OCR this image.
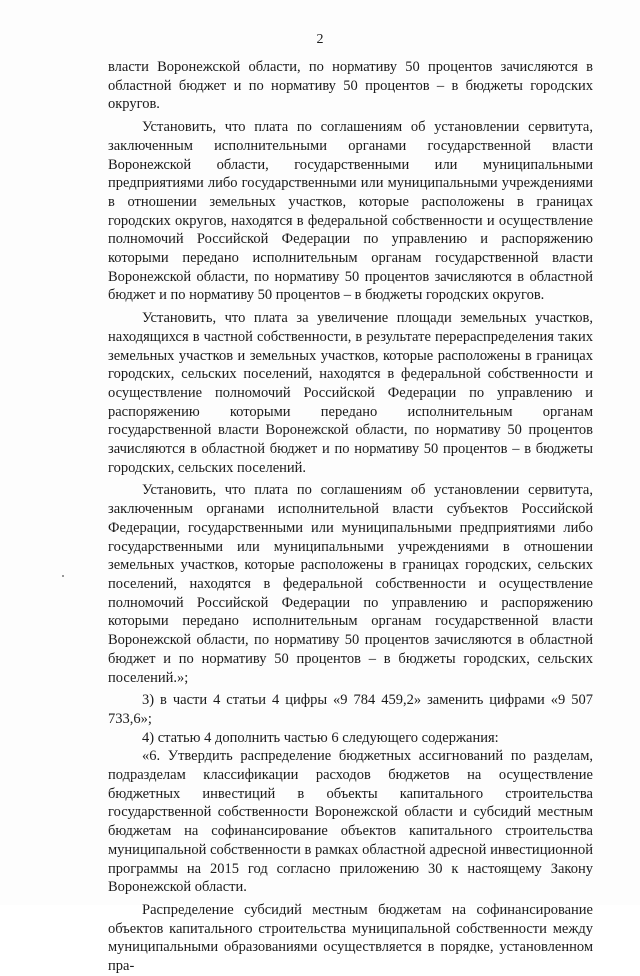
2

власти Воронежской области, по нормативу 50 процентов зачисляются в областной бюджет и по нормативу 50 процентов – в бюджеты городских округов.

Установить, что плата по соглашениям об установлении сервитута, заключенным исполнительными органами государственной власти Воронежской области, государственными или муниципальными предприятиями либо государственными или муниципальными учреждениями в отношении земельных участков, которые расположены в границах городских округов, находятся в федеральной собственности и осуществление полномочий Российской Федерации по управлению и распоряжению которыми передано исполнительным органам государственной власти Воронежской области, по нормативу 50 процентов зачисляются в областной бюджет и по нормативу 50 процентов – в бюджеты городских округов.

Установить, что плата за увеличение площади земельных участков, находящихся в частной собственности, в результате перераспределения таких земельных участков и земельных участков, которые расположены в границах городских, сельских поселений, находятся в федеральной собственности и осуществление полномочий Российской Федерации по управлению и распоряжению которыми передано исполнительным органам государственной власти Воронежской области, по нормативу 50 процентов зачисляются в областной бюджет и по нормативу 50 процентов – в бюджеты городских, сельских поселений.

Установить, что плата по соглашениям об установлении сервитута, заключенным органами исполнительной власти субъектов Российской Федерации, государственными или муниципальными предприятиями либо государственными или муниципальными учреждениями в отношении земельных участков, которые расположены в границах городских, сельских поселений, находятся в федеральной собственности и осуществление полномочий Российской Федерации по управлению и распоряжению которыми передано исполнительным органам государственной власти Воронежской области, по нормативу 50 процентов зачисляются в областной бюджет и по нормативу 50 процентов – в бюджеты городских, сельских поселений.»;

3) в части 4 статьи 4 цифры «9 784 459,2» заменить цифрами «9 507 733,6»;

4) статью 4 дополнить частью 6 следующего содержания:

«6. Утвердить распределение бюджетных ассигнований по разделам, подразделам классификации расходов бюджетов на осуществление бюджетных инвестиций в объекты капитального строительства государственной собственности Воронежской области и субсидий местным бюджетам на софинансирование объектов капитального строительства муниципальной собственности в рамках областной адресной инвестиционной программы на 2015 год согласно приложению 30 к настоящему Закону Воронежской области.

Распределение субсидий местным бюджетам на софинансирование объектов капитального строительства муниципальной собственности между муниципальными образованиями осуществляется в порядке, установленном пра-
